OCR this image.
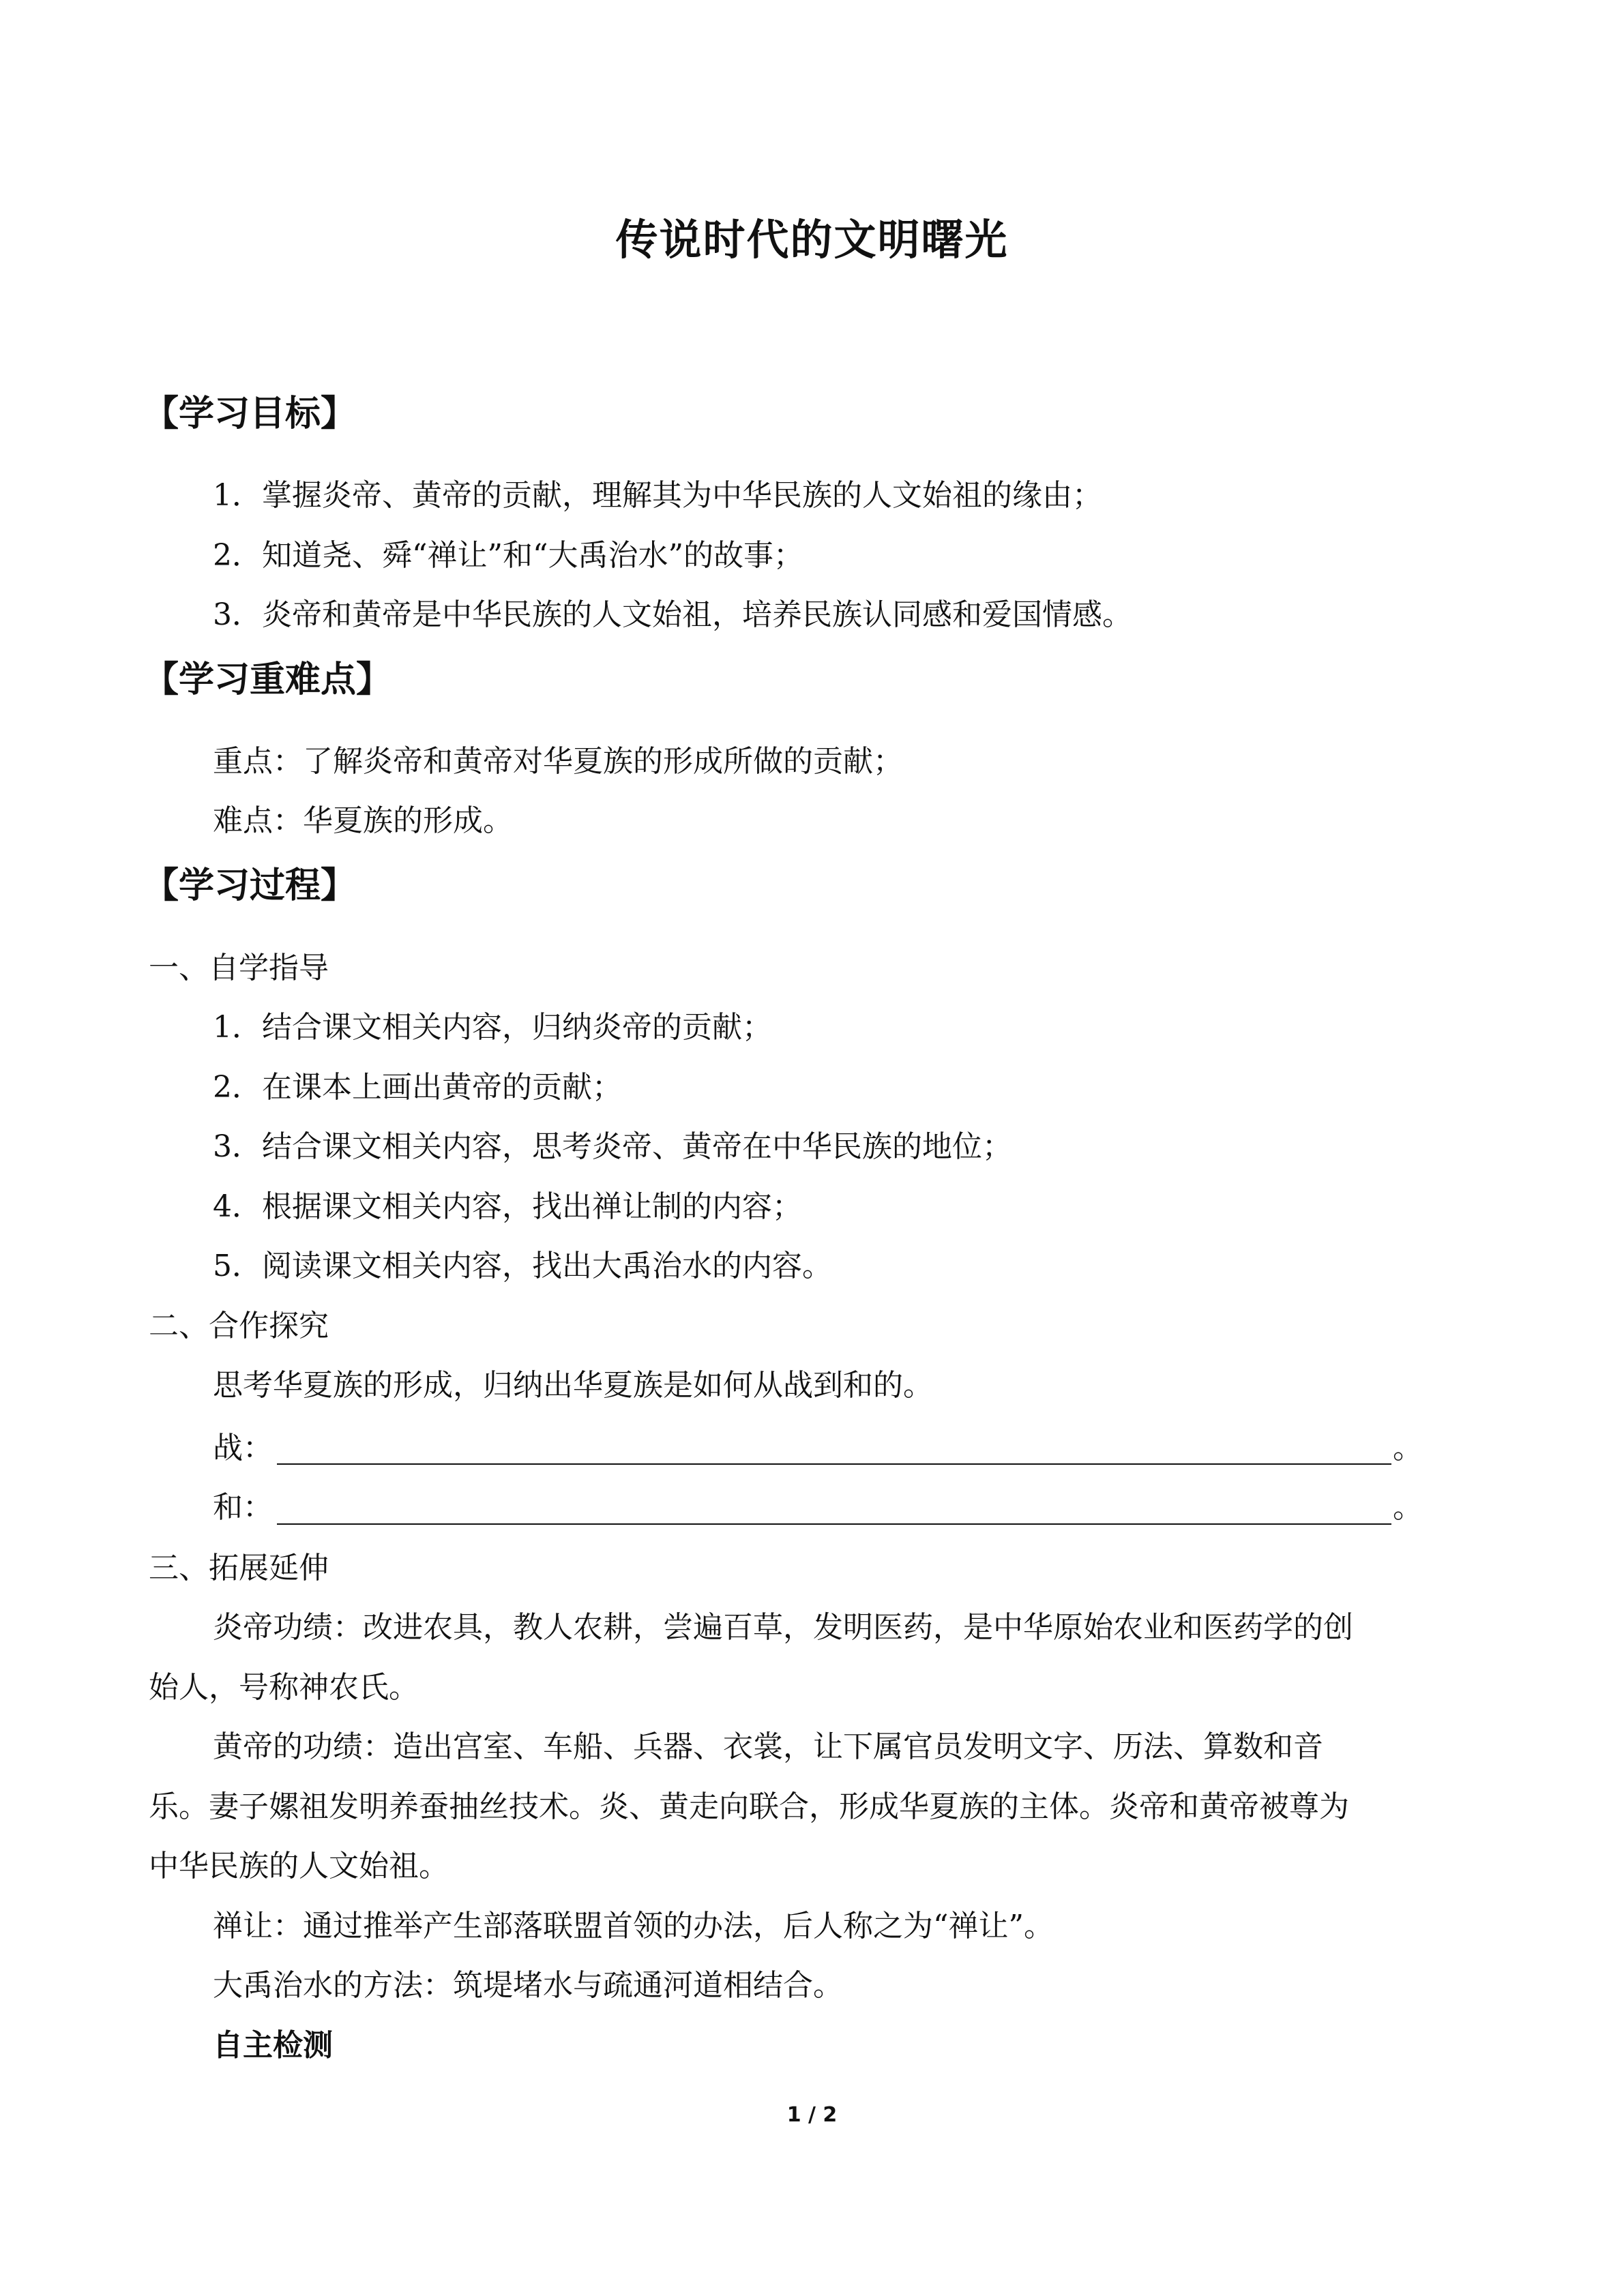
传说时代的文明曙光
【学习目标】
1．掌握炎帝、黄帝的贡献，理解其为中华民族的人文始祖的缘由；
2．知道尧、舜“禅让”和“大禹治水”的故事；
3．炎帝和黄帝是中华民族的人文始祖，培养民族认同感和爱国情感。
【学习重难点】
重点：了解炎帝和黄帝对华夏族的形成所做的贡献；
难点：华夏族的形成。
【学习过程】
一、自学指导
1．结合课文相关内容，归纳炎帝的贡献；
2．在课本上画出黄帝的贡献；
3．结合课文相关内容，思考炎帝、黄帝在中华民族的地位；
4．根据课文相关内容，找出禅让制的内容；
5．阅读课文相关内容，找出大禹治水的内容。
二、合作探究
思考华夏族的形成，归纳出华夏族是如何从战到和的。
战：	。
和：	。
三、拓展延伸
炎帝功绩：改进农具，教人农耕，尝遍百草，发明医药，是中华原始农业和医药学的创
始人，号称神农氏。
黄帝的功绩：造出宫室、车船、兵器、衣裳，让下属官员发明文字、历法、算数和音
乐。妻子嫘祖发明养蚕抽丝技术。炎、黄走向联合，形成华夏族的主体。炎帝和黄帝被尊为
中华民族的人文始祖。
禅让：通过推举产生部落联盟首领的办法，后人称之为“禅让”。
大禹治水的方法：筑堤堵水与疏通河道相结合。
自主检测
1 / 2
